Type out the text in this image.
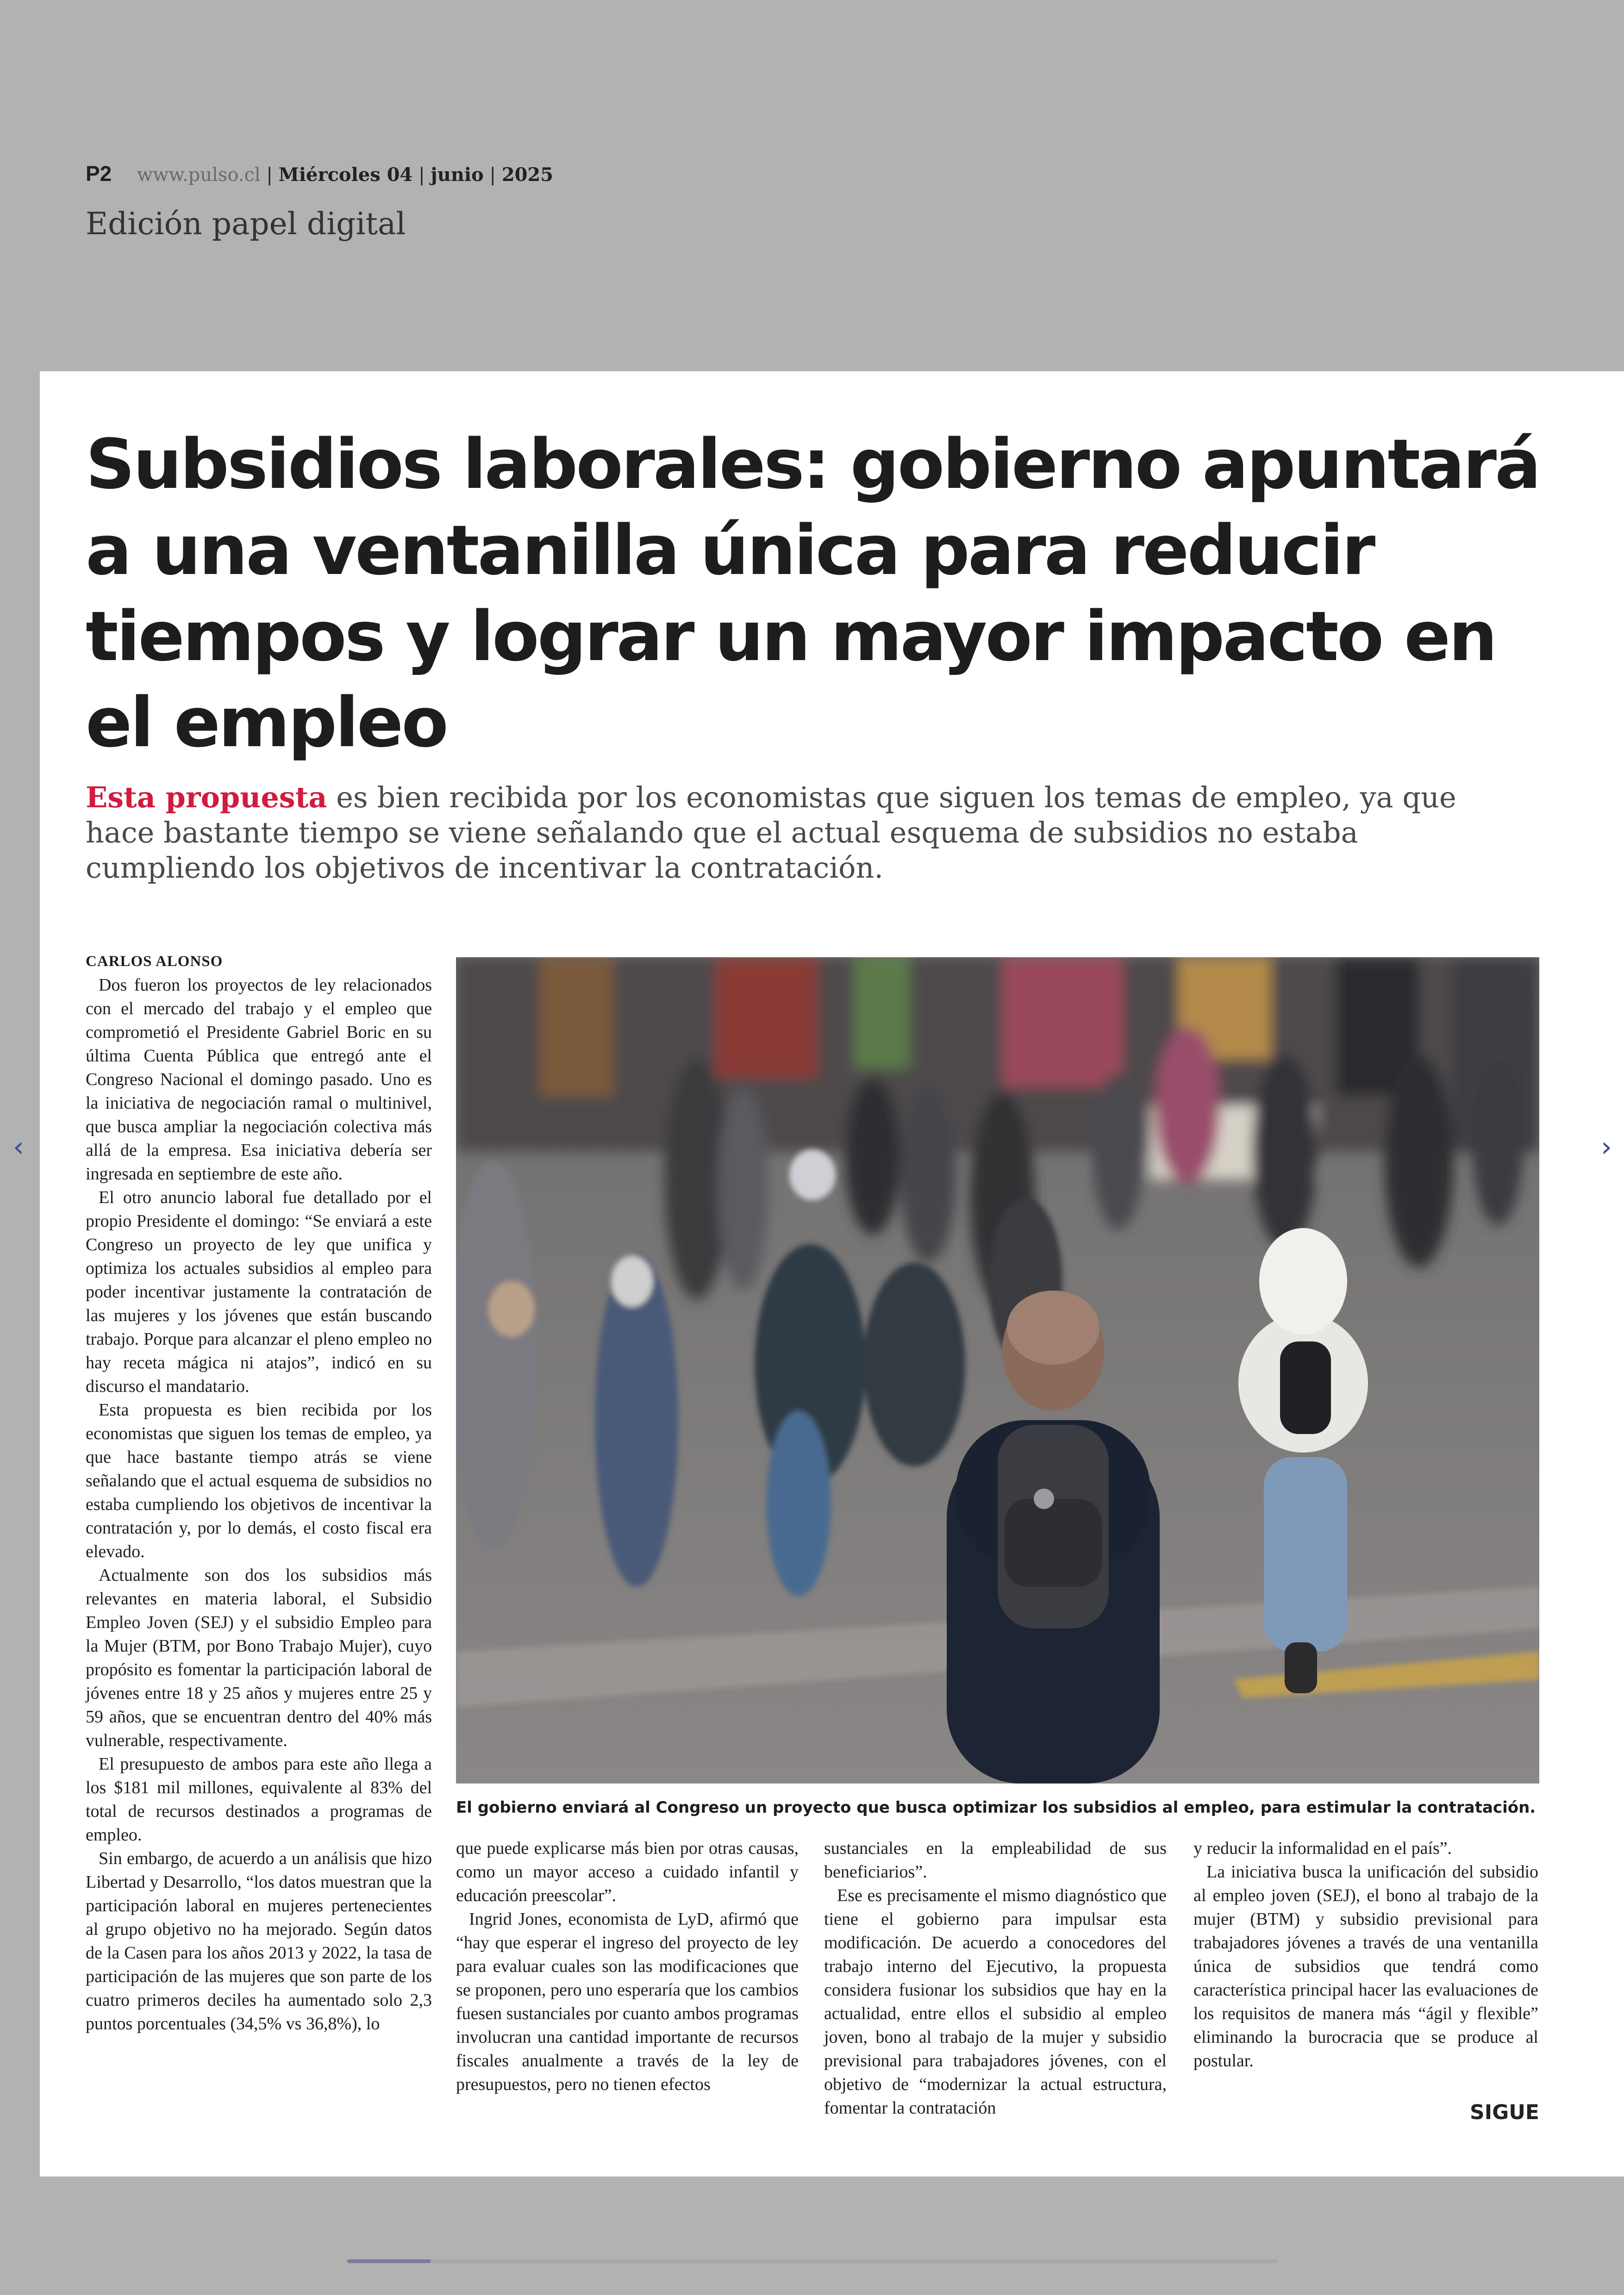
P2 www.pulso.cl | Miércoles 04 | junio | 2025
Edición papel digital
Subsidios laborales: gobierno apuntará a una ventanilla única para reducir tiempos y lograr un mayor impacto en el empleo
Esta propuesta es bien recibida por los economistas que siguen los temas de empleo, ya que hace bastante tiempo se viene señalando que el actual esquema de subsidios no estaba cumpliendo los objetivos de incentivar la contratación.
CARLOS ALONSO

Dos fueron los proyectos de ley relacionados con el mercado del trabajo y el empleo que comprometió el Presidente Gabriel Boric en su última Cuenta Pública que entregó ante el Congreso Nacional el domingo pasado. Uno es la iniciativa de negociación ramal o multinivel, que busca ampliar la negociación colectiva más allá de la empresa. Esa iniciativa debería ser ingresada en septiembre de este año.

El otro anuncio laboral fue detallado por el propio Presidente el domingo: “Se enviará a este Congreso un proyecto de ley que unifica y optimiza los actuales subsidios al empleo para poder incentivar justamente la contratación de las mujeres y los jóvenes que están buscando trabajo. Porque para alcanzar el pleno empleo no hay receta mágica ni atajos”, indicó en su discurso el mandatario.

Esta propuesta es bien recibida por los economistas que siguen los temas de empleo, ya que hace bastante tiempo atrás se viene señalando que el actual esquema de subsidios no estaba cumpliendo los objetivos de incentivar la contratación y, por lo demás, el costo fiscal era elevado.

Actualmente son dos los subsidios más relevantes en materia laboral, el Subsidio Empleo Joven (SEJ) y el subsidio Empleo para la Mujer (BTM, por Bono Trabajo Mujer), cuyo propósito es fomentar la participación laboral de jóvenes entre 18 y 25 años y mujeres entre 25 y 59 años, que se encuentran dentro del 40% más vulnerable, respectivamente.

El presupuesto de ambos para este año llega a los $181 mil millones, equivalente al 83% del total de recursos destinados a programas de empleo.

Sin embargo, de acuerdo a un análisis que hizo Libertad y Desarrollo, “los datos muestran que la participación laboral en mujeres pertenecientes al grupo objetivo no ha mejorado. Según datos de la Casen para los años 2013 y 2022, la tasa de participación de las mujeres que son parte de los cuatro primeros deciles ha aumentado solo 2,3 puntos porcentuales (34,5% vs 36,8%), lo

El gobierno enviará al Congreso un proyecto que busca optimizar los subsidios al empleo, para estimular la contratación.

que puede explicarse más bien por otras causas, como un mayor acceso a cuidado infantil y educación preescolar”.

Ingrid Jones, economista de LyD, afirmó que “hay que esperar el ingreso del proyecto de ley para evaluar cuales son las modificaciones que se proponen, pero uno esperaría que los cambios fuesen sustanciales por cuanto ambos programas involucran una cantidad importante de recursos fiscales anualmente a través de la ley de presupuestos, pero no tienen efectos

sustanciales en la empleabilidad de sus beneficiarios”.

Ese es precisamente el mismo diagnóstico que tiene el gobierno para impulsar esta modificación. De acuerdo a conocedores del trabajo interno del Ejecutivo, la propuesta considera fusionar los subsidios que hay en la actualidad, entre ellos el subsidio al empleo joven, bono al trabajo de la mujer y subsidio previsional para trabajadores jóvenes, con el objetivo de “modernizar la actual estructura, fomentar la contratación

y reducir la informalidad en el país”.

La iniciativa busca la unificación del subsidio al empleo joven (SEJ), el bono al trabajo de la mujer (BTM) y subsidio previsional para trabajadores jóvenes a través de una ventanilla única de subsidios que tendrá como característica principal hacer las evaluaciones de los requisitos de manera más “ágil y flexible” eliminando la burocracia que se produce al postular.

SIGUE
‹	›
